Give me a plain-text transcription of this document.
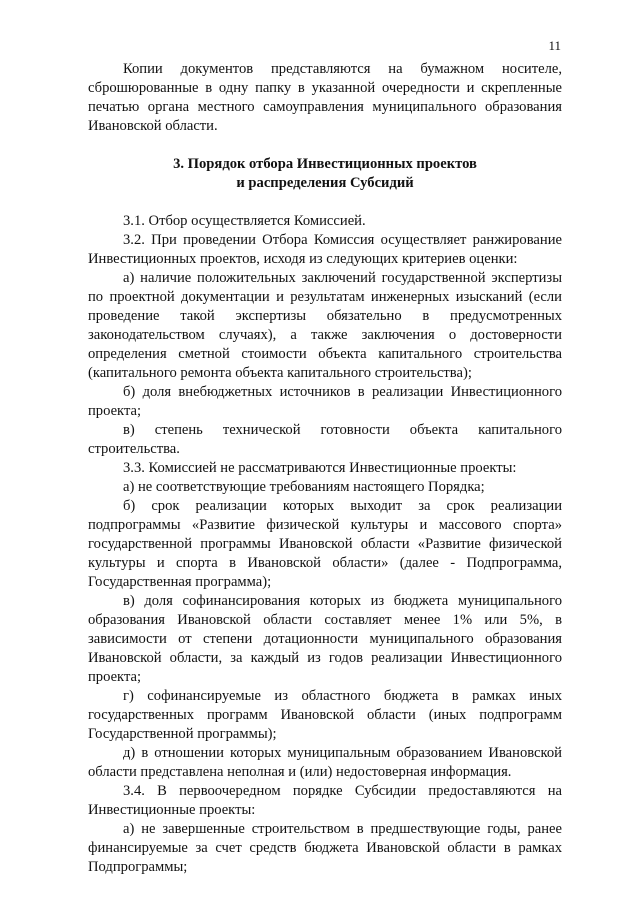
11

Копии документов представляются на бумажном носителе, сброшюрованные в одну папку в указанной очередности и скрепленные печатью органа местного самоуправления муниципального образования Ивановской области.

3. Порядок отбора Инвестиционных проектов
и распределения Субсидий

3.1. Отбор осуществляется Комиссией.

3.2. При проведении Отбора Комиссия осуществляет ранжирование Инвестиционных проектов, исходя из следующих критериев оценки:

а) наличие положительных заключений государственной экспертизы по проектной документации и результатам инженерных изысканий (если проведение такой экспертизы обязательно в предусмотренных законодательством случаях), а также заключения о достоверности определения сметной стоимости объекта капитального строительства (капитального ремонта объекта капитального строительства);

б) доля внебюджетных источников в реализации Инвестиционного проекта;

в) степень технической готовности объекта капитального строительства.

3.3. Комиссией не рассматриваются Инвестиционные проекты:

а) не соответствующие требованиям настоящего Порядка;

б) срок реализации которых выходит за срок реализации подпрограммы «Развитие физической культуры и массового спорта» государственной программы Ивановской области «Развитие физической культуры и спорта в Ивановской области» (далее - Подпрограмма, Государственная программа);

в) доля софинансирования которых из бюджета муниципального образования Ивановской области составляет менее 1% или 5%, в зависимости от степени дотационности муниципального образования Ивановской области, за каждый из годов реализации Инвестиционного проекта;

г) софинансируемые из областного бюджета в рамках иных государственных программ Ивановской области (иных подпрограмм Государственной программы);

д) в отношении которых муниципальным образованием Ивановской области представлена неполная и (или) недостоверная информация.

3.4. В первоочередном порядке Субсидии предоставляются на Инвестиционные проекты:

а) не завершенные строительством в предшествующие годы, ранее финансируемые за счет средств бюджета Ивановской области в рамках Подпрограммы;
